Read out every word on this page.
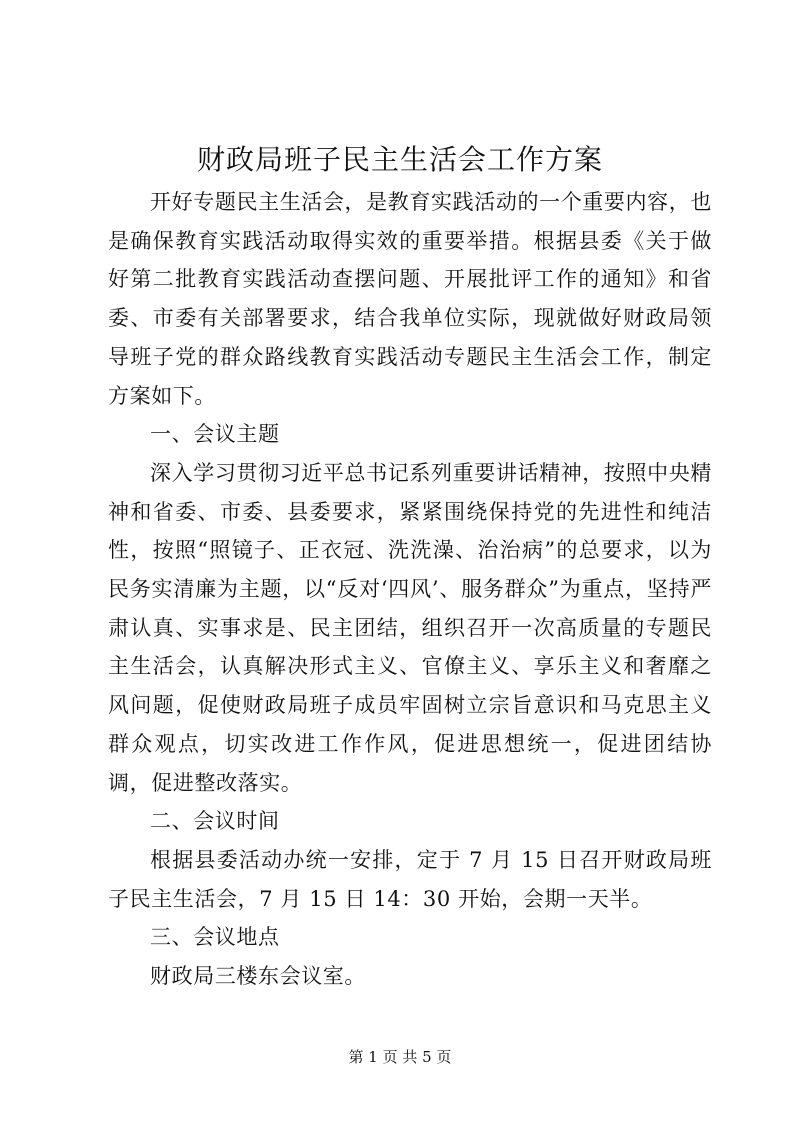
财政局班子民主生活会工作方案

开好专题民主生活会，是教育实践活动的一个重要内容，也是确保教育实践活动取得实效的重要举措。根据县委《关于做好第二批教育实践活动查摆问题、开展批评工作的通知》和省委、市委有关部署要求，结合我单位实际，现就做好财政局领导班子党的群众路线教育实践活动专题民主生活会工作，制定方案如下。

一、会议主题

深入学习贯彻习近平总书记系列重要讲话精神，按照中央精神和省委、市委、县委要求，紧紧围绕保持党的先进性和纯洁性，按照“照镜子、正衣冠、洗洗澡、治治病”的总要求，以为民务实清廉为主题，以“反对‘四风’、服务群众”为重点，坚持严肃认真、实事求是、民主团结，组织召开一次高质量的专题民主生活会，认真解决形式主义、官僚主义、享乐主义和奢靡之风问题，促使财政局班子成员牢固树立宗旨意识和马克思主义群众观点，切实改进工作作风，促进思想统一，促进团结协调，促进整改落实。

二、会议时间

根据县委活动办统一安排，定于 7 月 15 日召开财政局班子民主生活会，7 月 15 日 14：30 开始，会期一天半。

三、会议地点

财政局三楼东会议室。

第 1 页 共 5 页
